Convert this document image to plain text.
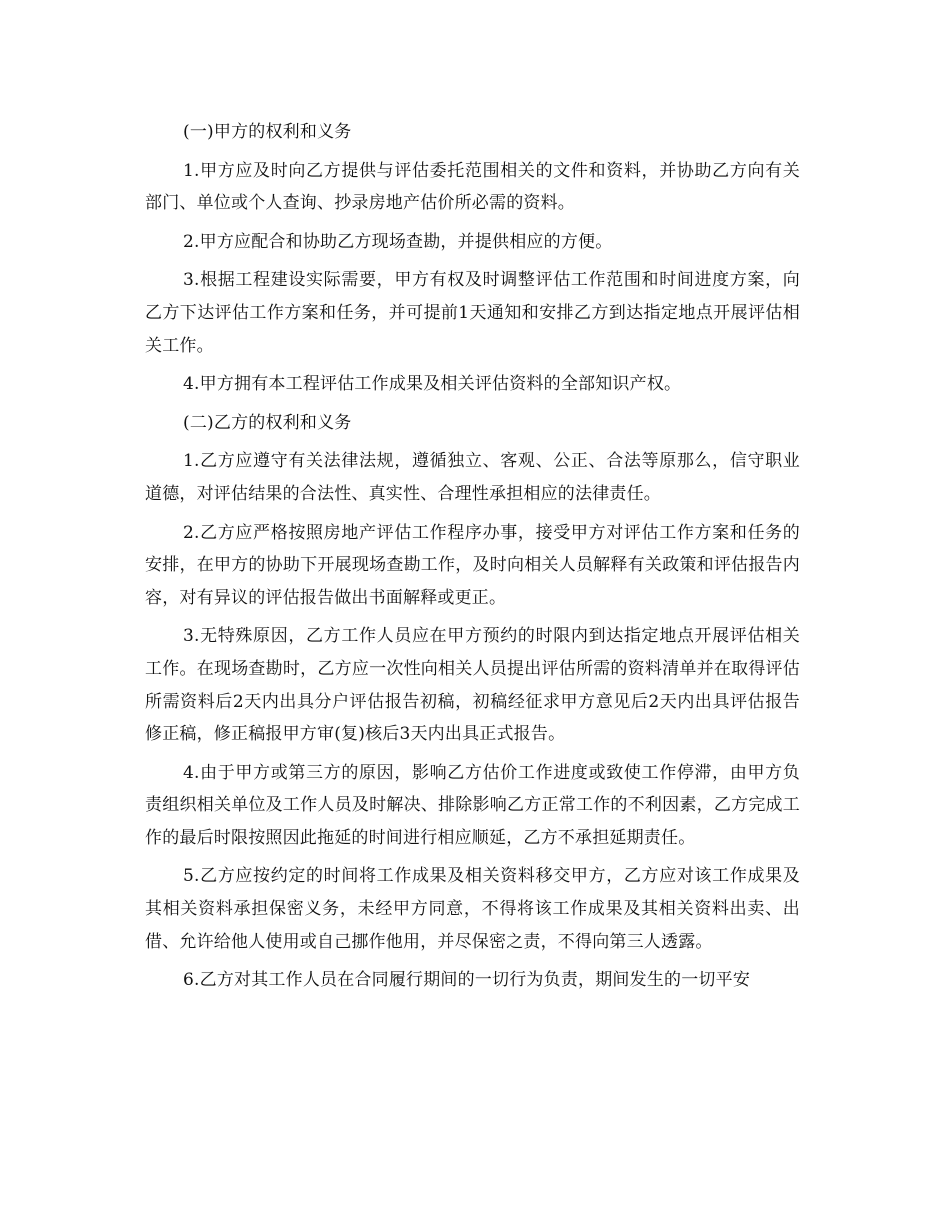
(一)甲方的权利和义务

1.甲方应及时向乙方提供与评估委托范围相关的文件和资料，并协助乙方向有关部门、单位或个人查询、抄录房地产估价所必需的资料。

2.甲方应配合和协助乙方现场查勘，并提供相应的方便。

3.根据工程建设实际需要，甲方有权及时调整评估工作范围和时间进度方案，向乙方下达评估工作方案和任务，并可提前1天通知和安排乙方到达指定地点开展评估相关工作。

4.甲方拥有本工程评估工作成果及相关评估资料的全部知识产权。

(二)乙方的权利和义务

1.乙方应遵守有关法律法规，遵循独立、客观、公正、合法等原那么，信守职业道德，对评估结果的合法性、真实性、合理性承担相应的法律责任。

2.乙方应严格按照房地产评估工作程序办事，接受甲方对评估工作方案和任务的安排，在甲方的协助下开展现场查勘工作，及时向相关人员解释有关政策和评估报告内容，对有异议的评估报告做出书面解释或更正。

3.无特殊原因，乙方工作人员应在甲方预约的时限内到达指定地点开展评估相关工作。在现场查勘时，乙方应一次性向相关人员提出评估所需的资料清单并在取得评估所需资料后2天内出具分户评估报告初稿，初稿经征求甲方意见后2天内出具评估报告修正稿，修正稿报甲方审(复)核后3天内出具正式报告。

4.由于甲方或第三方的原因，影响乙方估价工作进度或致使工作停滞，由甲方负责组织相关单位及工作人员及时解决、排除影响乙方正常工作的不利因素，乙方完成工作的最后时限按照因此拖延的时间进行相应顺延，乙方不承担延期责任。

5.乙方应按约定的时间将工作成果及相关资料移交甲方，乙方应对该工作成果及其相关资料承担保密义务，未经甲方同意，不得将该工作成果及其相关资料出卖、出借、允许给他人使用或自己挪作他用，并尽保密之责，不得向第三人透露。

6.乙方对其工作人员在合同履行期间的一切行为负责，期间发生的一切平安
